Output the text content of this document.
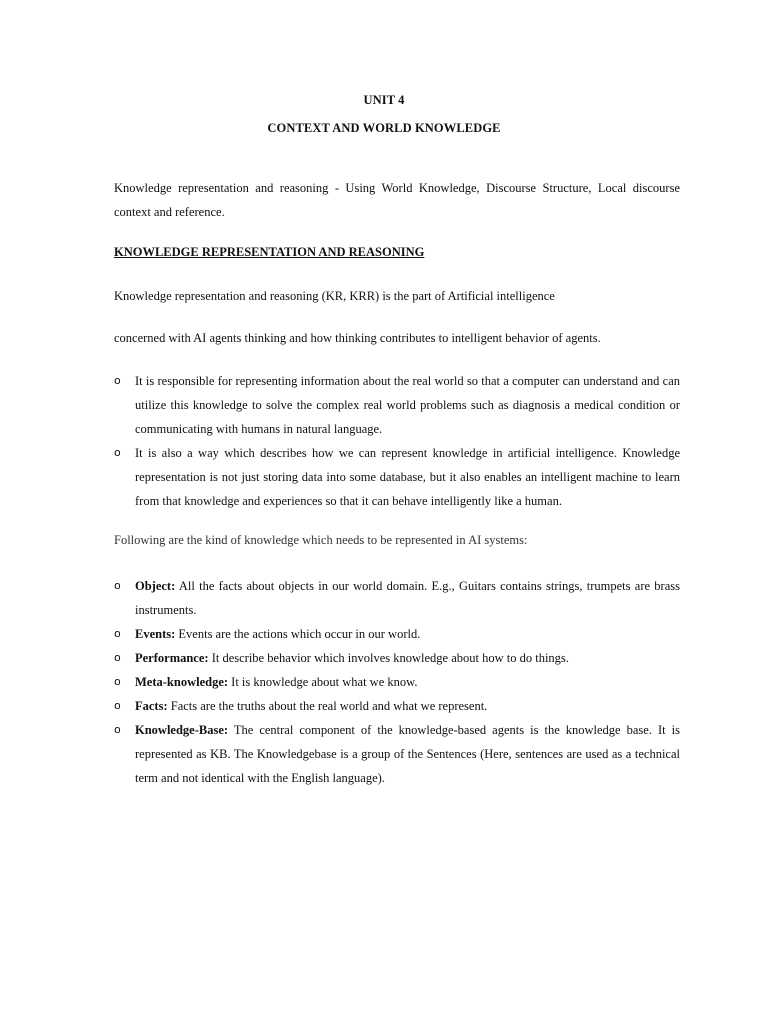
UNIT 4
CONTEXT AND WORLD KNOWLEDGE
Knowledge representation and reasoning - Using World Knowledge, Discourse Structure, Local discourse context and reference.
KNOWLEDGE REPRESENTATION AND REASONING
Knowledge representation and reasoning (KR, KRR) is the part of Artificial intelligence
concerned with AI agents thinking and how thinking contributes to intelligent behavior of agents.
o It is responsible for representing information about the real world so that a computer can understand and can utilize this knowledge to solve the complex real world problems such as diagnosis a medical condition or communicating with humans in natural language.
o It is also a way which describes how we can represent knowledge in artificial intelligence. Knowledge representation is not just storing data into some database, but it also enables an intelligent machine to learn from that knowledge and experiences so that it can behave intelligently like a human.
Following are the kind of knowledge which needs to be represented in AI systems:
o Object: All the facts about objects in our world domain. E.g., Guitars contains strings, trumpets are brass instruments.
o Events: Events are the actions which occur in our world.
o Performance: It describe behavior which involves knowledge about how to do things.
o Meta-knowledge: It is knowledge about what we know.
o Facts: Facts are the truths about the real world and what we represent.
o Knowledge-Base: The central component of the knowledge-based agents is the knowledge base. It is represented as KB. The Knowledgebase is a group of the Sentences (Here, sentences are used as a technical term and not identical with the English language).
